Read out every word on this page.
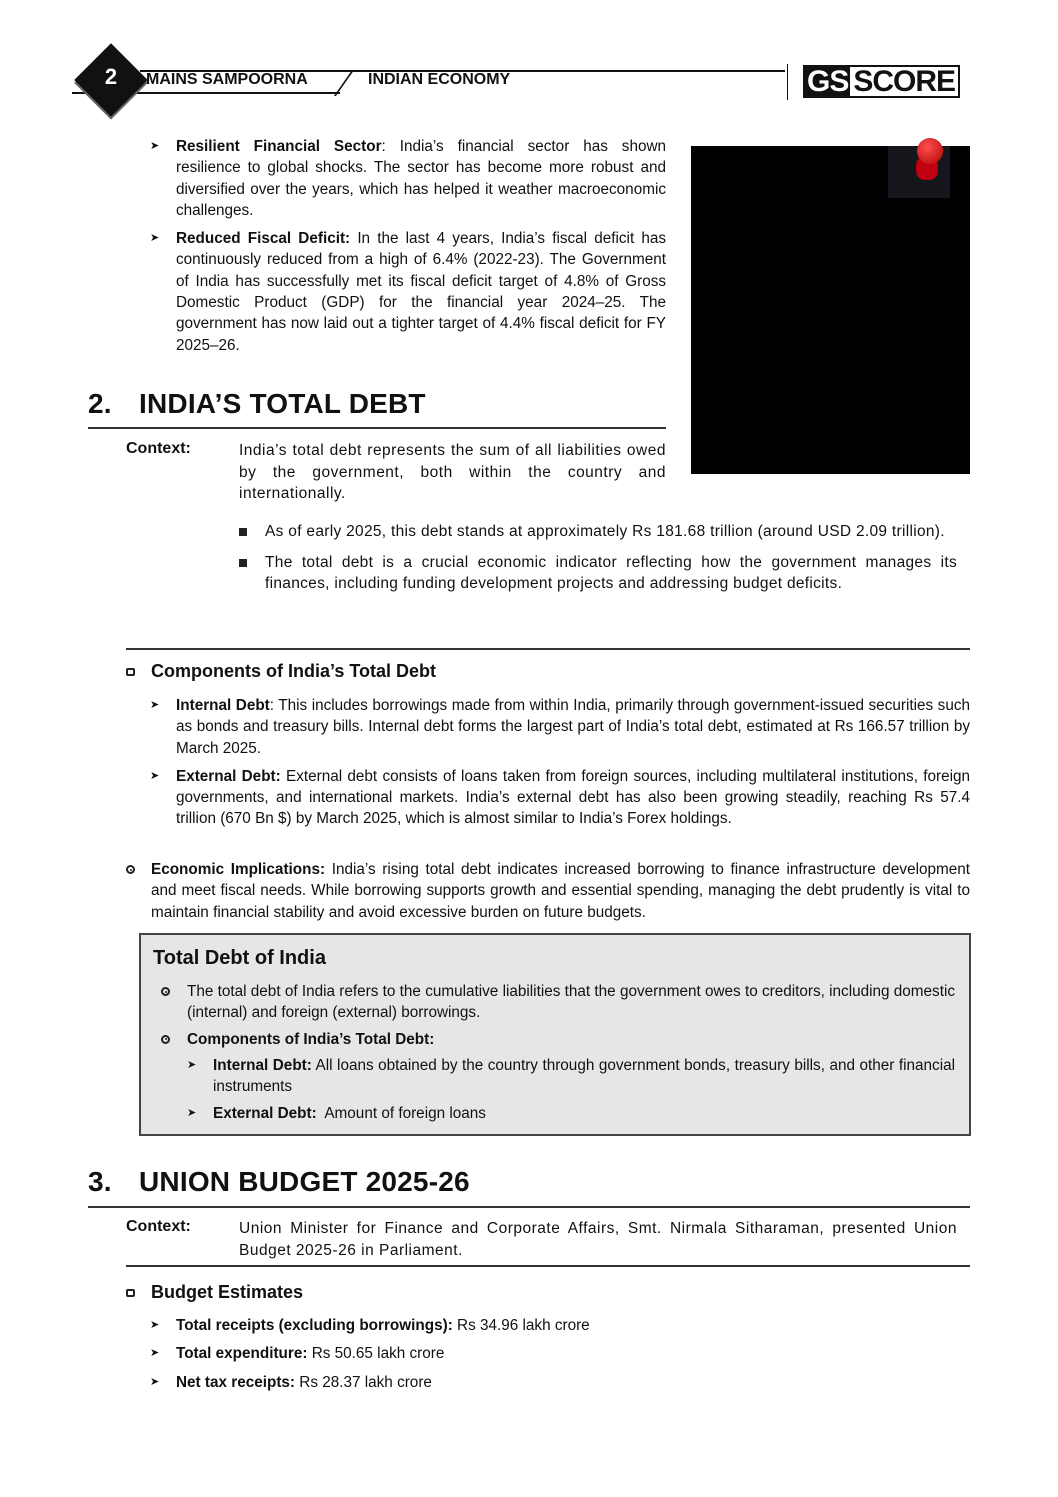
2	MAINS SAMPOORNA	INDIAN ECONOMY	GS SCORE
➤ Resilient Financial Sector: India’s financial sector has shown resilience to global shocks. The sector has become more robust and diversified over the years, which has helped it weather macroeconomic challenges.
➤ Reduced Fiscal Deficit: In the last 4 years, India’s fiscal deficit has continuously reduced from a high of 6.4% (2022-23). The Government of India has successfully met its fiscal deficit target of 4.8% of Gross Domestic Product (GDP) for the financial year 2024–25. The government has now laid out a tighter target of 4.4% fiscal deficit for FY 2025–26.
2. INDIA’S TOTAL DEBT
Context:	India’s total debt represents the sum of all liabilities owed by the government, both within the country and internationally.
As of early 2025, this debt stands at approximately Rs 181.68 trillion (around USD 2.09 trillion).
The total debt is a crucial economic indicator reflecting how the government manages its finances, including funding development projects and addressing budget deficits.
Components of India’s Total Debt
➤ Internal Debt: This includes borrowings made from within India, primarily through government-issued securities such as bonds and treasury bills. Internal debt forms the largest part of India’s total debt, estimated at Rs 166.57 trillion by March 2025.
➤ External Debt: External debt consists of loans taken from foreign sources, including multilateral institutions, foreign governments, and international markets. India’s external debt has also been growing steadily, reaching Rs 57.4 trillion (670 Bn $) by March 2025, which is almost similar to India’s Forex holdings.
Economic Implications: India’s rising total debt indicates increased borrowing to finance infrastructure development and meet fiscal needs. While borrowing supports growth and essential spending, managing the debt prudently is vital to maintain financial stability and avoid excessive burden on future budgets.
Total Debt of India
The total debt of India refers to the cumulative liabilities that the government owes to creditors, including domestic (internal) and foreign (external) borrowings.
Components of India’s Total Debt:
➤ Internal Debt: All loans obtained by the country through government bonds, treasury bills, and other financial instruments
➤ External Debt: Amount of foreign loans
3. UNION BUDGET 2025-26
Context:	Union Minister for Finance and Corporate Affairs, Smt. Nirmala Sitharaman, presented Union Budget 2025-26 in Parliament.
Budget Estimates
➤ Total receipts (excluding borrowings): Rs 34.96 lakh crore
➤ Total expenditure: Rs 50.65 lakh crore
➤ Net tax receipts: Rs 28.37 lakh crore
